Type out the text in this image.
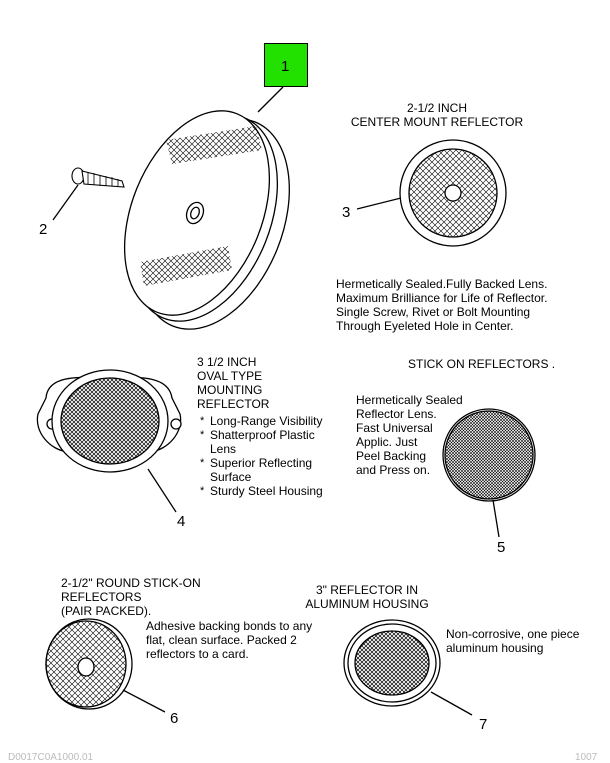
1
2
3
4
5
6	7
2-1/2 INCH
CENTER MOUNT REFLECTOR
Hermetically Sealed.Fully Backed Lens.
Maximum Brilliance for Life of Reflector.
Single Screw, Rivet or Bolt Mounting
Through Eyeleted Hole in Center.
3 1/2 INCH
OVAL TYPE
MOUNTING
REFLECTOR
* Long-Range Visibility
* Shatterproof Plastic
Lens
* Superior Reflecting
Surface
* Sturdy Steel Housing
STICK ON REFLECTORS .
Hermetically Sealed
Reflector Lens.
Fast Universal
Applic. Just
Peel Backing
and Press on.
2-1/2" ROUND STICK-ON
REFLECTORS
(PAIR PACKED).
Adhesive backing bonds to any
flat, clean surface. Packed 2
reflectors to a card.
3" REFLECTOR IN
ALUMINUM HOUSING
Non-corrosive, one piece
aluminum housing
D0017C0A1000.01	1007
